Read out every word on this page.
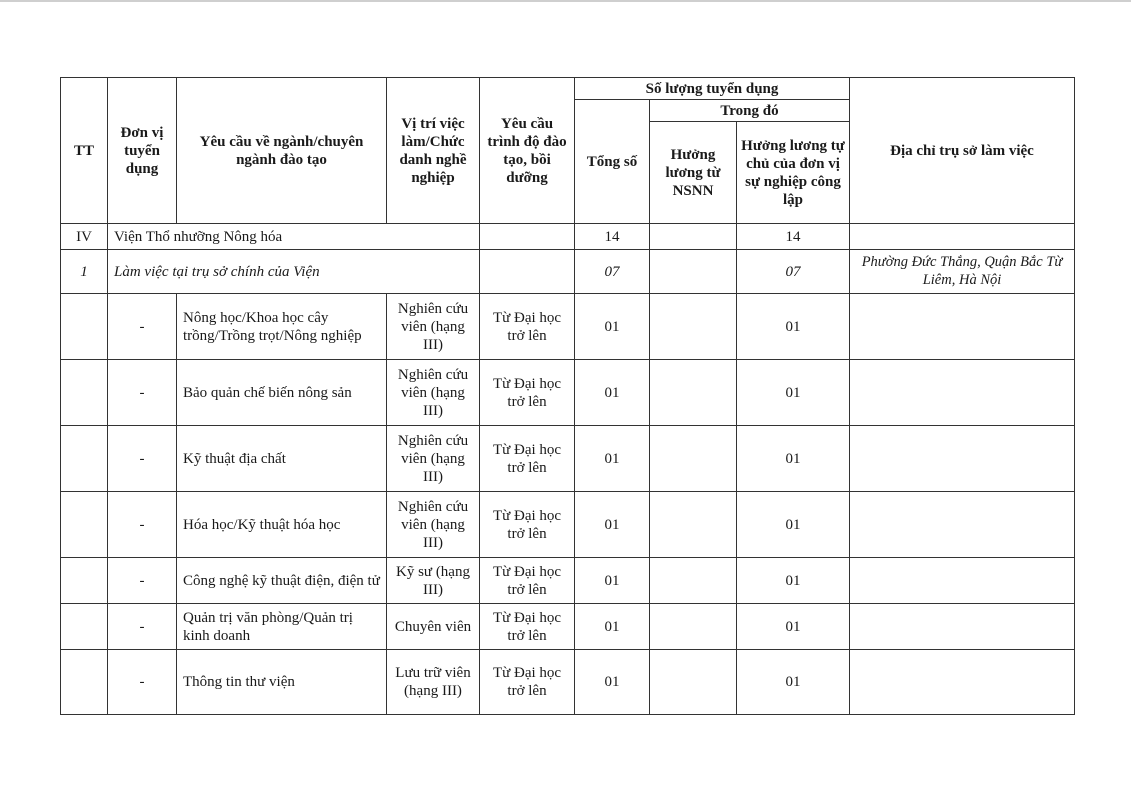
TT	Đơn vị tuyển dụng	Yêu cầu về ngành/chuyên ngành đào tạo	Vị trí việc làm/Chức danh nghề nghiệp	Yêu cầu trình độ đào tạo, bồi dưỡng	Số lượng tuyển dụng			Địa chỉ trụ sở làm việc
					Tổng số	Trong đó		
						Hưởng lương từ NSNN	Hưởng lương tự chủ của đơn vị sự nghiệp công lập	
IV	Viện Thổ nhưỡng Nông hóa				14		14	
1	Làm việc tại trụ sở chính của Viện				07		07	Phường Đức Thắng, Quận Bắc Từ Liêm, Hà Nội
	-	Nông học/Khoa học cây trồng/Trồng trọt/Nông nghiệp	Nghiên cứu viên (hạng III)	Từ Đại học trở lên	01		01	
	-	Bảo quản chế biến nông sản	Nghiên cứu viên (hạng III)	Từ Đại học trở lên	01		01	
	-	Kỹ thuật địa chất	Nghiên cứu viên (hạng III)	Từ Đại học trở lên	01		01	
	-	Hóa học/Kỹ thuật hóa học	Nghiên cứu viên (hạng III)	Từ Đại học trở lên	01		01	
	-	Công nghệ kỹ thuật điện, điện tử	Kỹ sư (hạng III)	Từ Đại học trở lên	01		01	
	-	Quản trị văn phòng/Quản trị kinh doanh	Chuyên viên	Từ Đại học trở lên	01		01	
	-	Thông tin thư viện	Lưu trữ viên (hạng III)	Từ Đại học trở lên	01		01	
